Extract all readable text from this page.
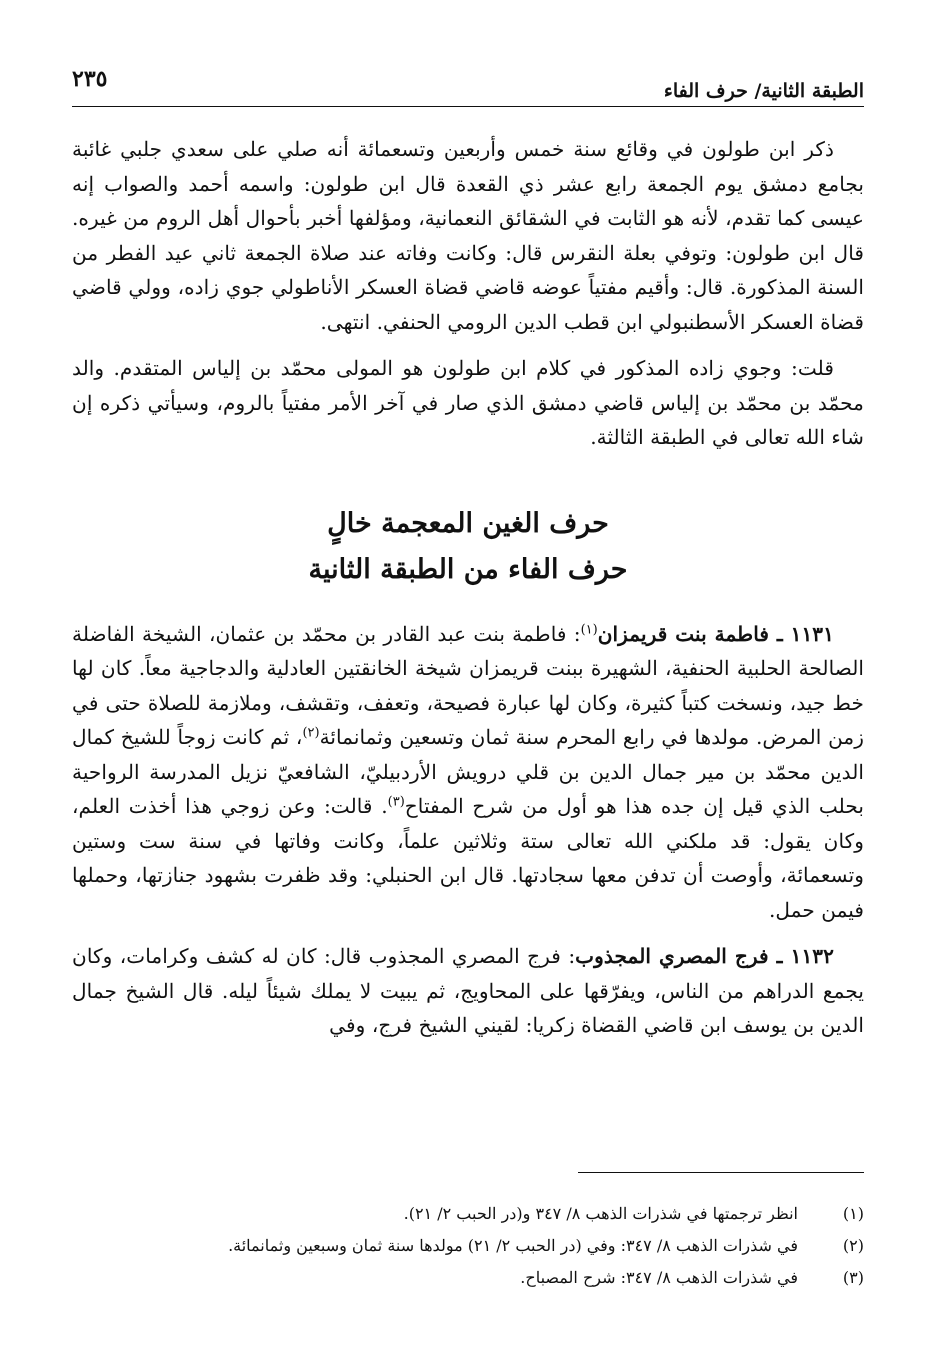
الطبقة الثانية/ حرف الفاء
٢٣٥

ذكر ابن طولون في وقائع سنة خمس وأربعين وتسعمائة أنه صلي على سعدي جلبي غائبة بجامع دمشق يوم الجمعة رابع عشر ذي القعدة قال ابن طولون: واسمه أحمد والصواب إنه عيسى كما تقدم، لأنه هو الثابت في الشقائق النعمانية، ومؤلفها أخبر بأحوال أهل الروم من غيره. قال ابن طولون: وتوفي بعلة النقرس قال: وكانت وفاته عند صلاة الجمعة ثاني عيد الفطر من السنة المذكورة. قال: وأقيم مفتياً عوضه قاضي قضاة العسكر الأناطولي جوي زاده، وولي قاضي قضاة العسكر الأسطنبولي ابن قطب الدين الرومي الحنفي. انتهى.

قلت: وجوي زاده المذكور في كلام ابن طولون هو المولى محمّد بن إلياس المتقدم. والد محمّد بن محمّد بن إلياس قاضي دمشق الذي صار في آخر الأمر مفتياً بالروم، وسيأتي ذكره إن شاء الله تعالى في الطبقة الثالثة.

حرف الغين المعجمة خالٍ
حرف الفاء من الطبقة الثانية

١١٣١ ـ فاطمة بنت قريمزان$^{(١)}$: فاطمة بنت عبد القادر بن محمّد بن عثمان، الشيخة الفاضلة الصالحة الحلبية الحنفية، الشهيرة ببنت قريمزان شيخة الخانقتين العادلية والدجاجية معاً. كان لها خط جيد، ونسخت كتباً كثيرة، وكان لها عبارة فصيحة، وتعفف، وتقشف، وملازمة للصلاة حتى في زمن المرض. مولدها في رابع المحرم سنة ثمان وتسعين وثمانمائة$^{(٢)}$، ثم كانت زوجاً للشيخ كمال الدين محمّد بن مير جمال الدين بن قلي درويش الأردبيليّ، الشافعيّ نزيل المدرسة الرواحية بحلب الذي قيل إن جده هذا هو أول من شرح المفتاح$^{(٣)}$. قالت: وعن زوجي هذا أخذت العلم، وكان يقول: قد ملكني الله تعالى ستة وثلاثين علماً، وكانت وفاتها في سنة ست وستين وتسعمائة، وأوصت أن تدفن معها سجادتها. قال ابن الحنبلي: وقد ظفرت بشهود جنازتها، وحملها فيمن حمل.

١١٣٢ ـ فرج المصري المجذوب: فرج المصري المجذوب قال: كان له كشف وكرامات، وكان يجمع الدراهم من الناس، ويفرّقها على المحاويج، ثم يبيت لا يملك شيئاً ليله. قال الشيخ جمال الدين بن يوسف ابن قاضي القضاة زكريا: لقيني الشيخ فرج، وفي

(١)انظر ترجمتها في شذرات الذهب ٨/ ٣٤٧ و(در الحبب ٢/ ٢١).

(٢)في شذرات الذهب ٨/ ٣٤٧: وفي (در الحبب ٢/ ٢١) مولدها سنة ثمان وسبعين وثمانمائة.

(٣)في شذرات الذهب ٨/ ٣٤٧: شرح المصباح.
